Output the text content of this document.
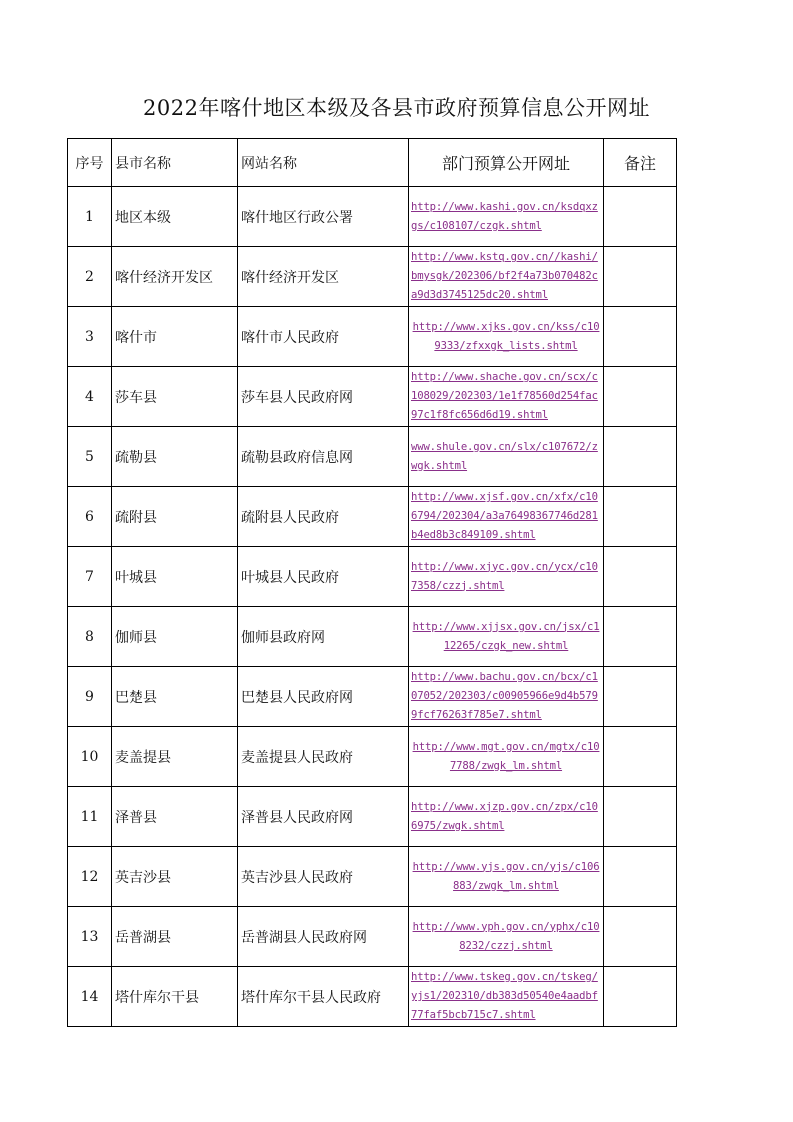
2022年喀什地区本级及各县市政府预算信息公开网址
序号	县市名称	网站名称	部门预算公开网址	备注
1	地区本级	喀什地区行政公署	http://www.kashi.gov.cn/ksdqxzgs/c108107/czgk.shtml	

2	喀什经济开发区	喀什经济开发区	http://www.kstq.gov.cn//kashi/bmysgk/202306/bf2f4a73b070482ca9d3d3745125dc20.shtml	

3	喀什市	喀什市人民政府	http://www.xjks.gov.cn/kss/c109333/zfxxgk_lists.shtml	

4	莎车县	莎车县人民政府网	http://www.shache.gov.cn/scx/c108029/202303/1e1f78560d254fac97c1f8fc656d6d19.shtml	

5	疏勒县	疏勒县政府信息网	www.shule.gov.cn/slx/c107672/zwgk.shtml	

6	疏附县	疏附县人民政府	http://www.xjsf.gov.cn/xfx/c106794/202304/a3a76498367746d281b4ed8b3c849109.shtml	

7	叶城县	叶城县人民政府	http://www.xjyc.gov.cn/ycx/c107358/czzj.shtml	

8	伽师县	伽师县政府网	http://www.xjjsx.gov.cn/jsx/c112265/czgk_new.shtml	

9	巴楚县	巴楚县人民政府网	http://www.bachu.gov.cn/bcx/c107052/202303/c00905966e9d4b5799fcf76263f785e7.shtml	

10	麦盖提县	麦盖提县人民政府	http://www.mgt.gov.cn/mgtx/c107788/zwgk_lm.shtml	

11	泽普县	泽普县人民政府网	http://www.xjzp.gov.cn/zpx/c106975/zwgk.shtml	

12	英吉沙县	英吉沙县人民政府	http://www.yjs.gov.cn/yjs/c106883/zwgk_lm.shtml	

13	岳普湖县	岳普湖县人民政府网	http://www.yph.gov.cn/yphx/c108232/czzj.shtml	

14	塔什库尔干县	塔什库尔干县人民政府	http://www.tskeg.gov.cn/tskeg/yjs1/202310/db383d50540e4aadbf77faf5bcb715c7.shtml	
